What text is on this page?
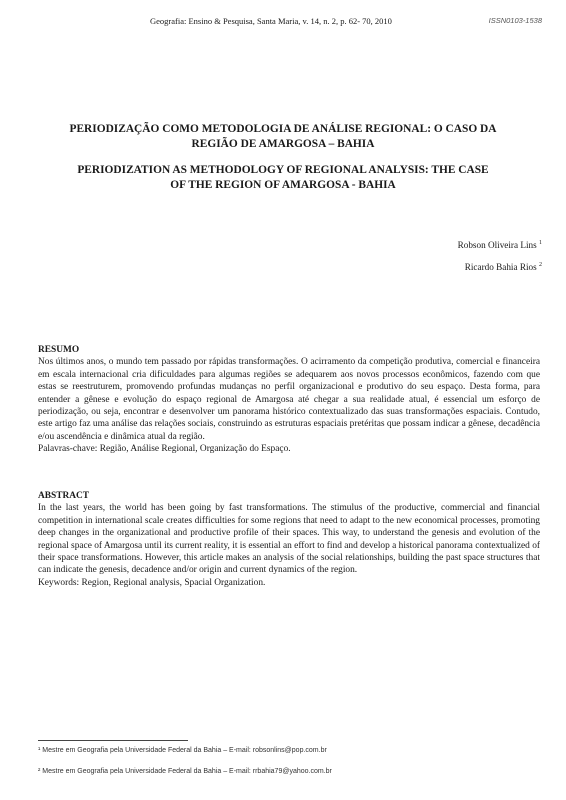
Geografia: Ensino & Pesquisa, Santa Maria, v. 14, n. 2, p. 62- 70, 2010	ISSN0103-1538
PERIODIZAÇÃO COMO METODOLOGIA DE ANÁLISE REGIONAL: O CASO DA
REGIÃO DE AMARGOSA – BAHIA
PERIODIZATION AS METHODOLOGY OF REGIONAL ANALYSIS: THE CASE
OF THE REGION OF AMARGOSA - BAHIA
Robson Oliveira Lins $^1$
Ricardo Bahia Rios $^2$
RESUMO

Nos últimos anos, o mundo tem passado por rápidas transformações. O acirramento da competição produtiva, comercial e financeira em escala internacional cria dificuldades para algumas regiões se adequarem aos novos processos econômicos, fazendo com que estas se reestruturem, promovendo profundas mudanças no perfil organizacional e produtivo do seu espaço. Desta forma, para entender a gênese e evolução do espaço regional de Amargosa até chegar a sua realidade atual, é essencial um esforço de periodização, ou seja, encontrar e desenvolver um panorama histórico contextualizado das suas transformações espaciais. Contudo, este artigo faz uma análise das relações sociais, construindo as estruturas espaciais pretéritas que possam indicar a gênese, decadência e/ou ascendência e dinâmica atual da região.

Palavras-chave: Região, Análise Regional, Organização do Espaço.
ABSTRACT

In the last years, the world has been going by fast transformations. The stimulus of the productive, commercial and financial competition in international scale creates difficulties for some regions that need to adapt to the new economical processes, promoting deep changes in the organizational and productive profile of their spaces. This way, to understand the genesis and evolution of the regional space of Amargosa until its current reality, it is essential an effort to find and develop a historical panorama contextualized of their space transformations. However, this article makes an analysis of the social relationships, building the past space structures that can indicate the genesis, decadence and/or origin and current dynamics of the region.

Keywords: Region, Regional analysis, Spacial Organization.
¹ Mestre em Geografia pela Universidade Federal da Bahia – E-mail: robsonlins@pop.com.br
² Mestre em Geografia pela Universidade Federal da Bahia – E-mail: rrbahia79@yahoo.com.br
